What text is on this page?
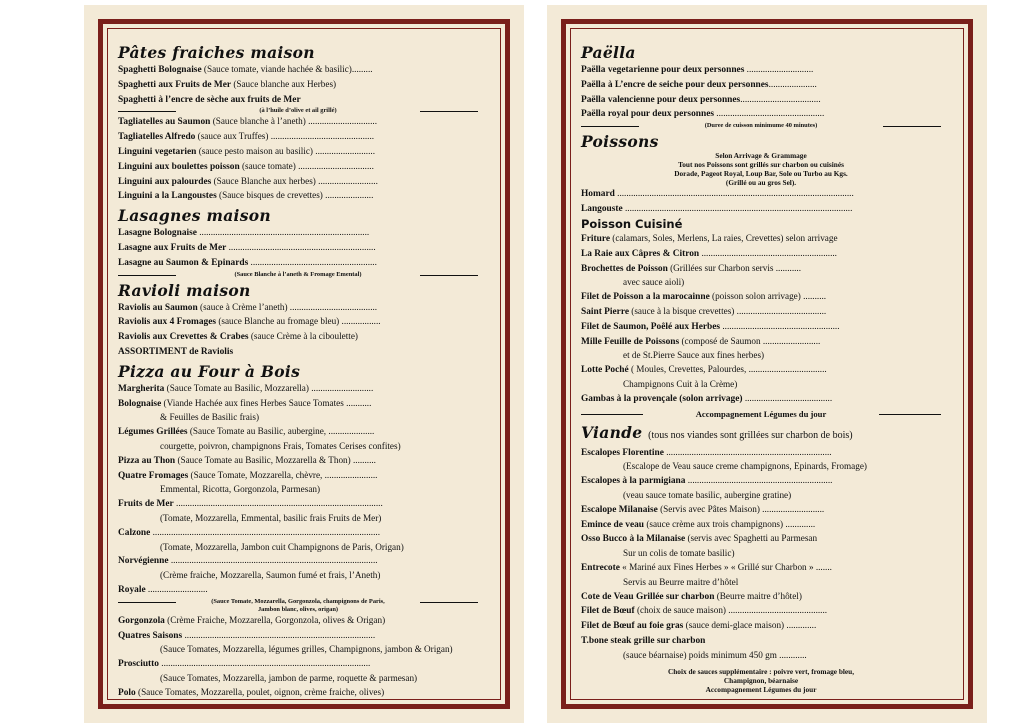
Pâtes fraiches maison
Spaghetti Bolognaise (Sauce tomate, viande hachée & basilic).........
Spaghetti aux Fruits de Mer (Sauce blanche aux Herbes)
Spaghetti à l’encre de sèche aux fruits de Mer
(à l’huile d’olive et ail grillé)
Tagliatelles au Saumon (Sauce blanche à l’aneth) ..............................
Tagliatelles Alfredo (sauce aux Truffes) .............................................
Linguini vegetarien (sauce pesto maison au basilic) ..........................
Linguini aux boulettes poisson (sauce tomate) .................................
Linguini aux palourdes (Sauce Blanche aux herbes) ..........................
Linguini a la Langoustes (Sauce bisques de crevettes) .....................
Lasagnes maison
Lasagne Bolognaise ..........................................................................
Lasagne aux Fruits de Mer ................................................................
Lasagne au Saumon & Epinards .......................................................
(Sauce Blanche à l’aneth & Fromage Emental)
Ravioli maison
Raviolis au Saumon (sauce à Crème l’aneth) ......................................
Raviolis aux 4 Fromages (sauce Blanche au fromage bleu) .................
Raviolis aux Crevettes & Crabes (sauce Crème à la ciboulette)
ASSORTIMENT de Raviolis
Pizza au Four à Bois
Margherita (Sauce Tomate au Basilic, Mozzarella) ...........................
Bolognaise (Viande Hachée aux fines Herbes Sauce Tomates ...........
& Feuilles de Basilic frais)
Légumes Grillées (Sauce Tomate au Basilic, aubergine, ....................
courgette, poivron, champignons Frais, Tomates Cerises confites)
Pizza au Thon (Sauce Tomate au Basilic, Mozzarella & Thon) ..........
Quatre Fromages (Sauce Tomate, Mozzarella, chèvre, .......................
Emmental, Ricotta, Gorgonzola, Parmesan)
Fruits de Mer ..........................................................................................
(Tomate, Mozzarella, Emmental, basilic frais Fruits de Mer)
Calzone ...................................................................................................
(Tomate, Mozzarella, Jambon cuit Champignons de Paris, Origan)
Norvégienne ..........................................................................................
(Crème fraiche, Mozzarella, Saumon fumé et frais, l’Aneth)
Royale ..........................
(Sauce Tomate, Mozzarella, Gorgonzola, champignons de Paris,
Jambon blanc, olives, origan)
Gorgonzola (Crème Fraiche, Mozzarella, Gorgonzola, olives & Origan)
Quatres Saisons ...................................................................................
(Sauce Tomates, Mozzarella, légumes grilles, Champignons, jambon & Origan)
Prosciutto ...........................................................................................
(Sauce Tomates, Mozzarella, jambon de parme, roquette & parmesan)
Polo (Sauce Tomates, Mozzarella, poulet, oignon, crème fraiche, olives)
Paëlla
Paëlla vegetarienne pour deux personnes .............................
Paëlla à L’encre de seiche pour deux personnes.....................
Paëlla valencienne pour deux personnes...................................
Paëlla royal pour deux personnes ...............................................
(Duree de cuisson minimume 40 minutes)
Poissons
Selon Arrivage & Grammage
Tout nos Poissons sont grillés sur charbon ou cuisinés
Dorade, Pageot Royal, Loup Bar, Sole ou Turbo au Kgs.
(Grillé ou au gros Sel).
Homard .......................................................................................................
Langouste ...................................................................................................
Poisson Cuisiné
Friture (calamars, Soles, Merlens, La raies, Crevettes) selon arrivage
La Raie aux Câpres & Citron ...........................................................
Brochettes de Poisson (Grillées sur Charbon servis ...........
avec sauce aioli)
Filet de Poisson a la marocainne (poisson solon arrivage) ..........
Saint Pierre (sauce à la bisque crevettes) .......................................
Filet de Saumon, Poêlé aux Herbes ...................................................
Mille Feuille de Poissons (composé de Saumon .........................
et de St.Pierre Sauce aux fines herbes)
Lotte Poché ( Moules, Crevettes, Palourdes, ..................................
Champignons Cuit à la Crème)
Gambas à la provençale (solon arrivage) ......................................
Accompagnement Légumes du jour
Viande (tous nos viandes sont grillées sur charbon de bois)
Escalopes Florentine ........................................................................
(Escalope de Veau sauce creme champignons, Epinards, Fromage)
Escalopes à la parmigiana ...............................................................
(veau sauce tomate basilic, aubergine gratine)
Escalope Milanaise (Servis avec Pâtes Maison) ...........................
Emince de veau (sauce crème aux trois champignons) .............
Osso Bucco à la Milanaise (servis avec Spaghetti au Parmesan
Sur un colis de tomate basilic)
Entrecote « Mariné aux Fines Herbes » « Grillé sur Charbon » .......
Servis au Beurre maitre d’hôtel
Cote de Veau Grillée sur charbon (Beurre maitre d’hôtel)
Filet de Bœuf (choix de sauce maison) ...........................................
Filet de Bœuf au foie gras (sauce demi-glace maison) .............
T.bone steak grille sur charbon
(sauce béarnaise) poids minimum 450 gm ............
Choix de sauces supplémentaire : poivre vert, fromage bleu,
Champignon, béarnaise
Accompagnement Légumes du jour
